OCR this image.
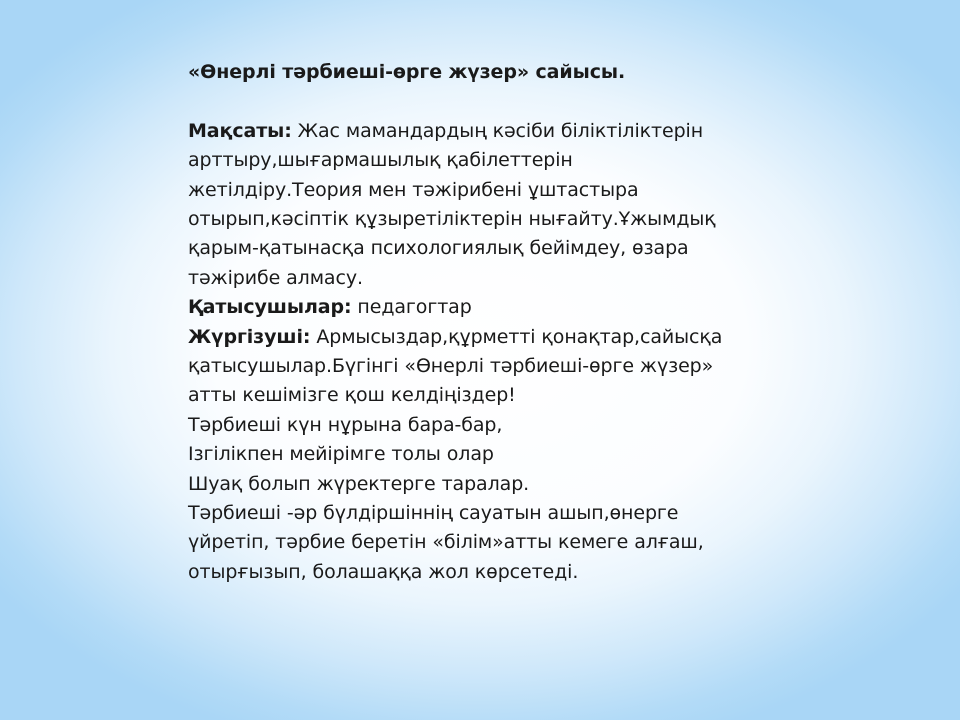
«Өнерлі тәрбиеші-өрге жүзер» сайысы.

Мақсаты: Жас мамандардың кәсіби біліктіліктерін

арттыру,шығармашылық қабілеттерін

жетілдіру.Теория мен тәжірибені ұштастыра

отырып,кәсіптік құзыретіліктерін нығайту.Ұжымдық

қарым-қатынасқа психологиялық бейімдеу, өзара

тәжірибе алмасу.

Қатысушылар: педагогтар

Жүргізуші: Армысыздар,құрметті қонақтар,сайысқа

қатысушылар.Бүгінгі «Өнерлі тәрбиеші-өрге жүзер»

атты кешімізге қош келдіңіздер!

Тәрбиеші күн нұрына бара-бар,

Ізгілікпен мейірімге толы олар

Шуақ болып жүректерге таралар.

Тәрбиеші -әр бүлдіршіннің сауатын ашып,өнерге

үйретіп, тәрбие беретін «білім»атты кемеге алғаш,

отырғызып, болашаққа жол көрсетеді.
